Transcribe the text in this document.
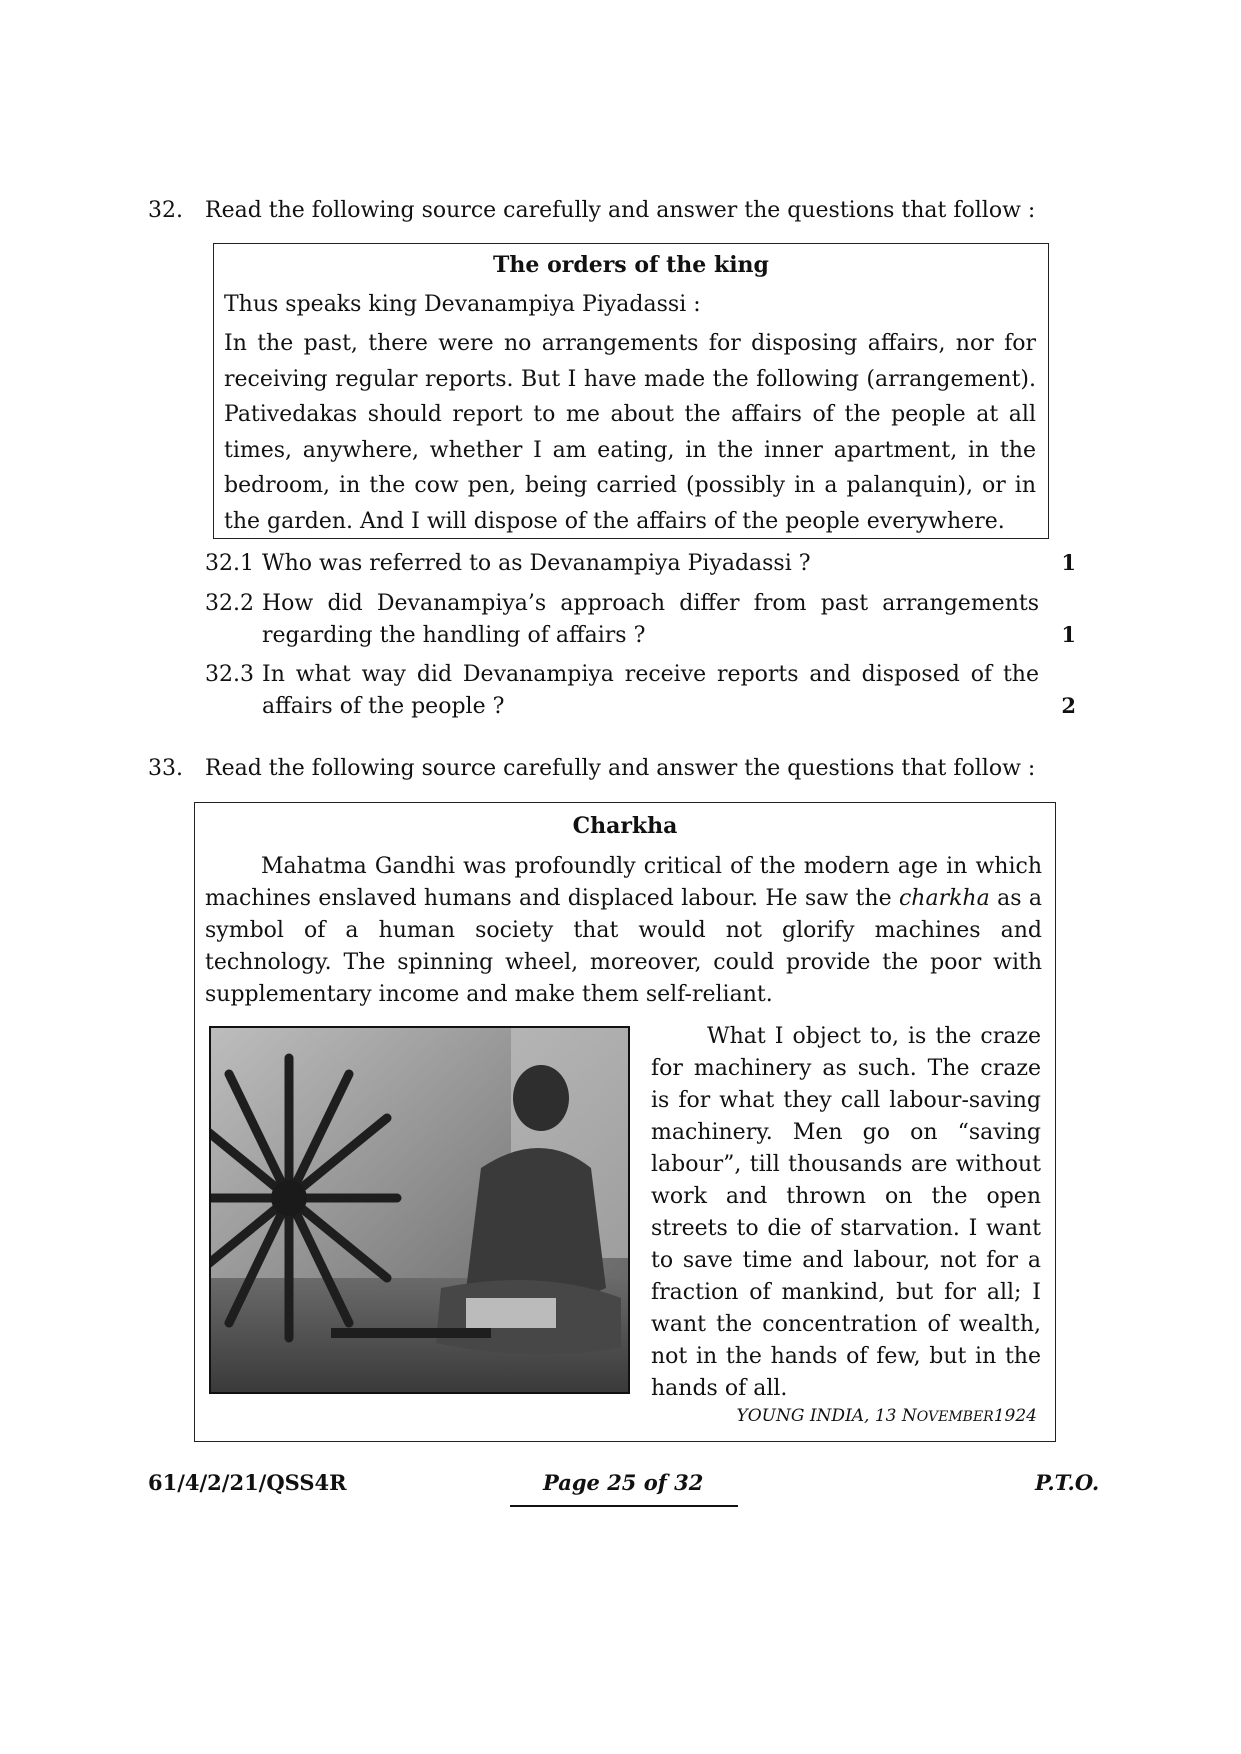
32. Read the following source carefully and answer the questions that follow :
The orders of the king
Thus speaks king Devanampiya Piyadassi :
In the past, there were no arrangements for disposing affairs, nor for receiving regular reports. But I have made the following (arrangement). Pativedakas should report to me about the affairs of the people at all times, anywhere, whether I am eating, in the inner apartment, in the bedroom, in the cow pen, being carried (possibly in a palanquin), or in the garden. And I will dispose of the affairs of the people everywhere.
32.1 Who was referred to as Devanampiya Piyadassi ?	1
32.2 How did Devanampiya’s approach differ from past arrangements regarding the handling of affairs ?	1
32.3 In what way did Devanampiya receive reports and disposed of the affairs of the people ?	2
33. Read the following source carefully and answer the questions that follow :
Charkha
Mahatma Gandhi was profoundly critical of the modern age in which machines enslaved humans and displaced labour. He saw the charkha as a symbol of a human society that would not glorify machines and technology. The spinning wheel, moreover, could provide the poor with supplementary income and make them self-reliant.

What I object to, is the craze for machinery as such. The craze is for what they call labour-saving machinery. Men go on “saving labour”, till thousands are without work and thrown on the open streets to die of starvation. I want to save time and labour, not for a fraction of mankind, but for all; I want the concentration of wealth, not in the hands of few, but in the hands of all.

YOUNG INDIA, 13 NOVEMBER1924
61/4/2/21/QSS4R	Page 25 of 32	P.T.O.
